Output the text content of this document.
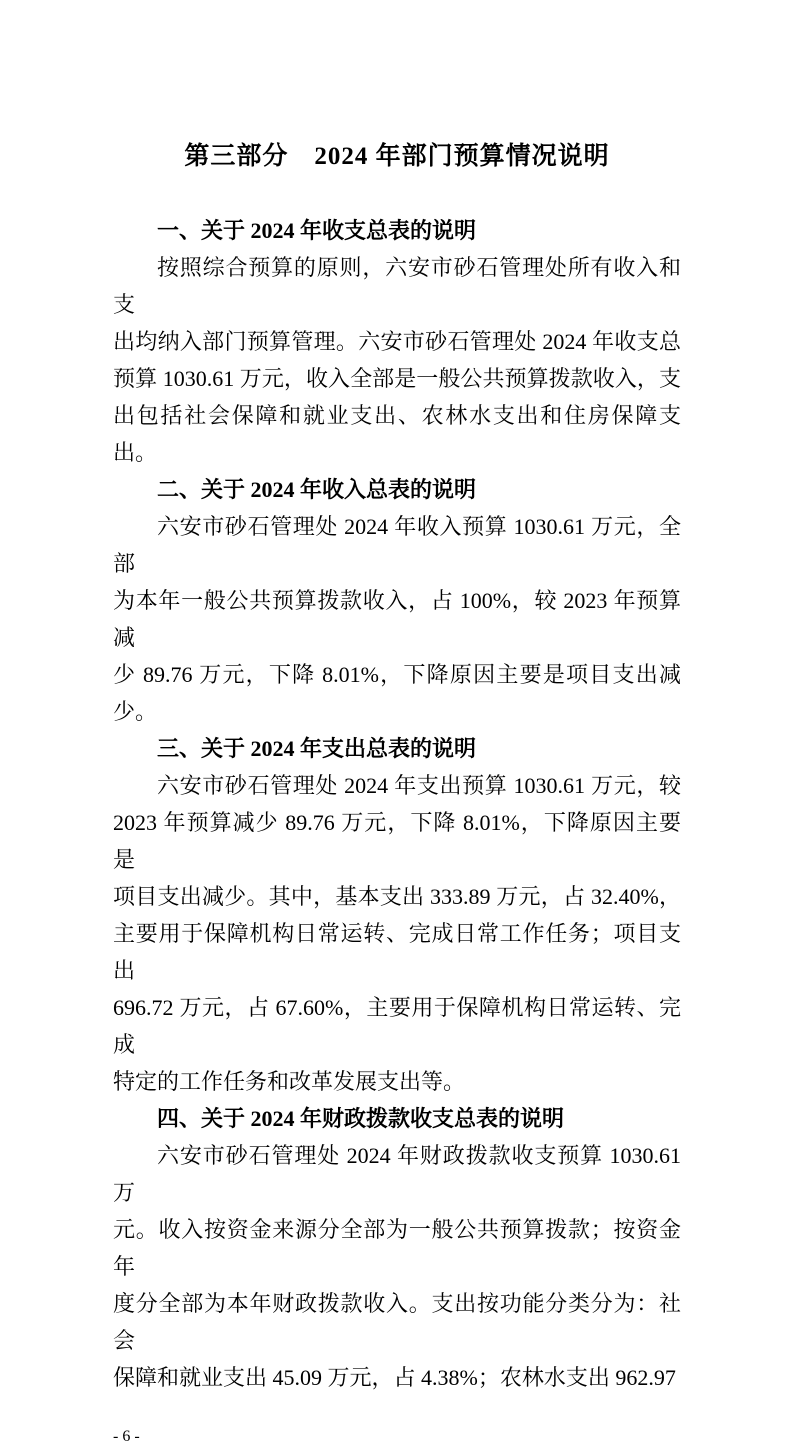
第三部分　2024 年部门预算情况说明
一、关于 2024 年收支总表的说明

按照综合预算的原则，六安市砂石管理处所有收入和支

出均纳入部门预算管理。六安市砂石管理处 2024 年收支总

预算 1030.61 万元，收入全部是一般公共预算拨款收入，支

出包括社会保障和就业支出、农林水支出和住房保障支出。

二、关于 2024 年收入总表的说明

六安市砂石管理处 2024 年收入预算 1030.61 万元，全部

为本年一般公共预算拨款收入，占 100%，较 2023 年预算减

少 89.76 万元，下降 8.01%，下降原因主要是项目支出减少。

三、关于 2024 年支出总表的说明

六安市砂石管理处 2024 年支出预算 1030.61 万元，较

2023 年预算减少 89.76 万元，下降 8.01%，下降原因主要是

项目支出减少。其中，基本支出 333.89 万元，占 32.40%，

主要用于保障机构日常运转、完成日常工作任务；项目支出

696.72 万元，占 67.60%，主要用于保障机构日常运转、完成

特定的工作任务和改革发展支出等。

四、关于 2024 年财政拨款收支总表的说明

六安市砂石管理处 2024 年财政拨款收支预算 1030.61 万

元。收入按资金来源分全部为一般公共预算拨款；按资金年

度分全部为本年财政拨款收入。支出按功能分类分为：社会

保障和就业支出 45.09 万元，占 4.38%；农林水支出 962.97

- 6 -
